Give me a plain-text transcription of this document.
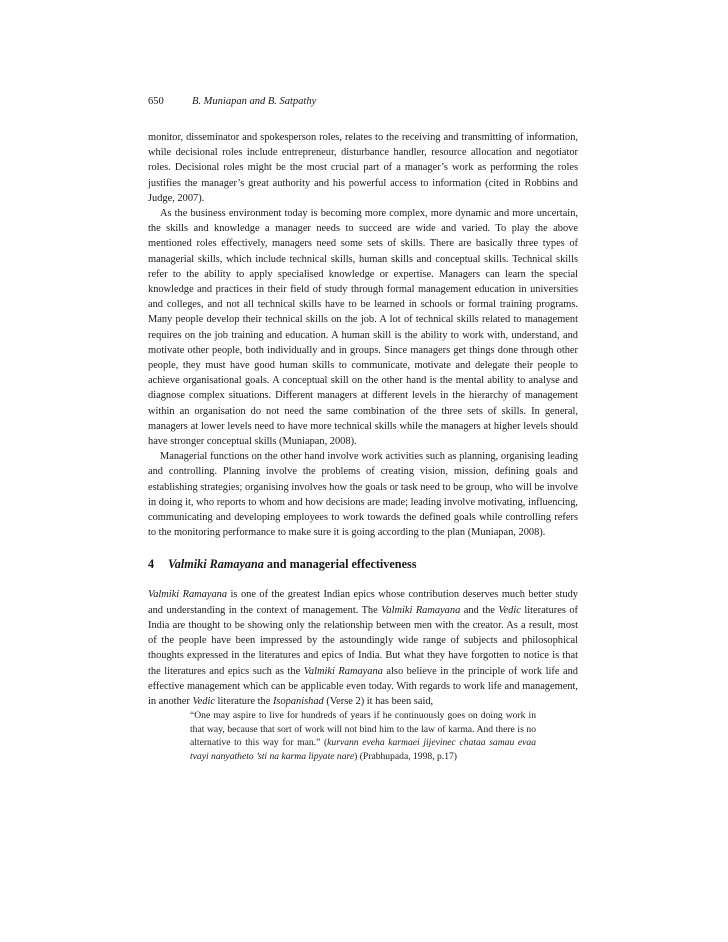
650	B. Muniapan and B. Satpathy

monitor, disseminator and spokesperson roles, relates to the receiving and transmitting of information, while decisional roles include entrepreneur, disturbance handler, resource allocation and negotiator roles. Decisional roles might be the most crucial part of a manager’s work as performing the roles justifies the manager’s great authority and his powerful access to information (cited in Robbins and Judge, 2007).

As the business environment today is becoming more complex, more dynamic and more uncertain, the skills and knowledge a manager needs to succeed are wide and varied. To play the above mentioned roles effectively, managers need some sets of skills. There are basically three types of managerial skills, which include technical skills, human skills and conceptual skills. Technical skills refer to the ability to apply specialised knowledge or expertise. Managers can learn the special knowledge and practices in their field of study through formal management education in universities and colleges, and not all technical skills have to be learned in schools or formal training programs. Many people develop their technical skills on the job. A lot of technical skills related to management requires on the job training and education. A human skill is the ability to work with, understand, and motivate other people, both individually and in groups. Since managers get things done through other people, they must have good human skills to communicate, motivate and delegate their people to achieve organisational goals. A conceptual skill on the other hand is the mental ability to analyse and diagnose complex situations. Different managers at different levels in the hierarchy of management within an organisation do not need the same combination of the three sets of skills. In general, managers at lower levels need to have more technical skills while the managers at higher levels should have stronger conceptual skills (Muniapan, 2008).

Managerial functions on the other hand involve work activities such as planning, organising leading and controlling. Planning involve the problems of creating vision, mission, defining goals and establishing strategies; organising involves how the goals or task need to be group, who will be involve in doing it, who reports to whom and how decisions are made; leading involve motivating, influencing, communicating and developing employees to work towards the defined goals while controlling refers to the monitoring performance to make sure it is going according to the plan (Muniapan, 2008).

4 Valmiki Ramayana and managerial effectiveness

Valmiki Ramayana is one of the greatest Indian epics whose contribution deserves much better study and understanding in the context of management. The Valmiki Ramayana and the Vedic literatures of India are thought to be showing only the relationship between men with the creator. As a result, most of the people have been impressed by the astoundingly wide range of subjects and philosophical thoughts expressed in the literatures and epics of India. But what they have forgotten to notice is that the literatures and epics such as the Valmiki Ramayana also believe in the principle of work life and effective management which can be applicable even today. With regards to work life and management, in another Vedic literature the Isopanishad (Verse 2) it has been said,

“One may aspire to live for hundreds of years if he continuously goes on doing work in that way, because that sort of work will not bind him to the law of karma. And there is no alternative to this way for man.” (kurvann eveha karmaei jijevinec chataa samau evaa tvayi nanyatheto ’sti na karma lipyate nare) (Prabhupada, 1998, p.17)
